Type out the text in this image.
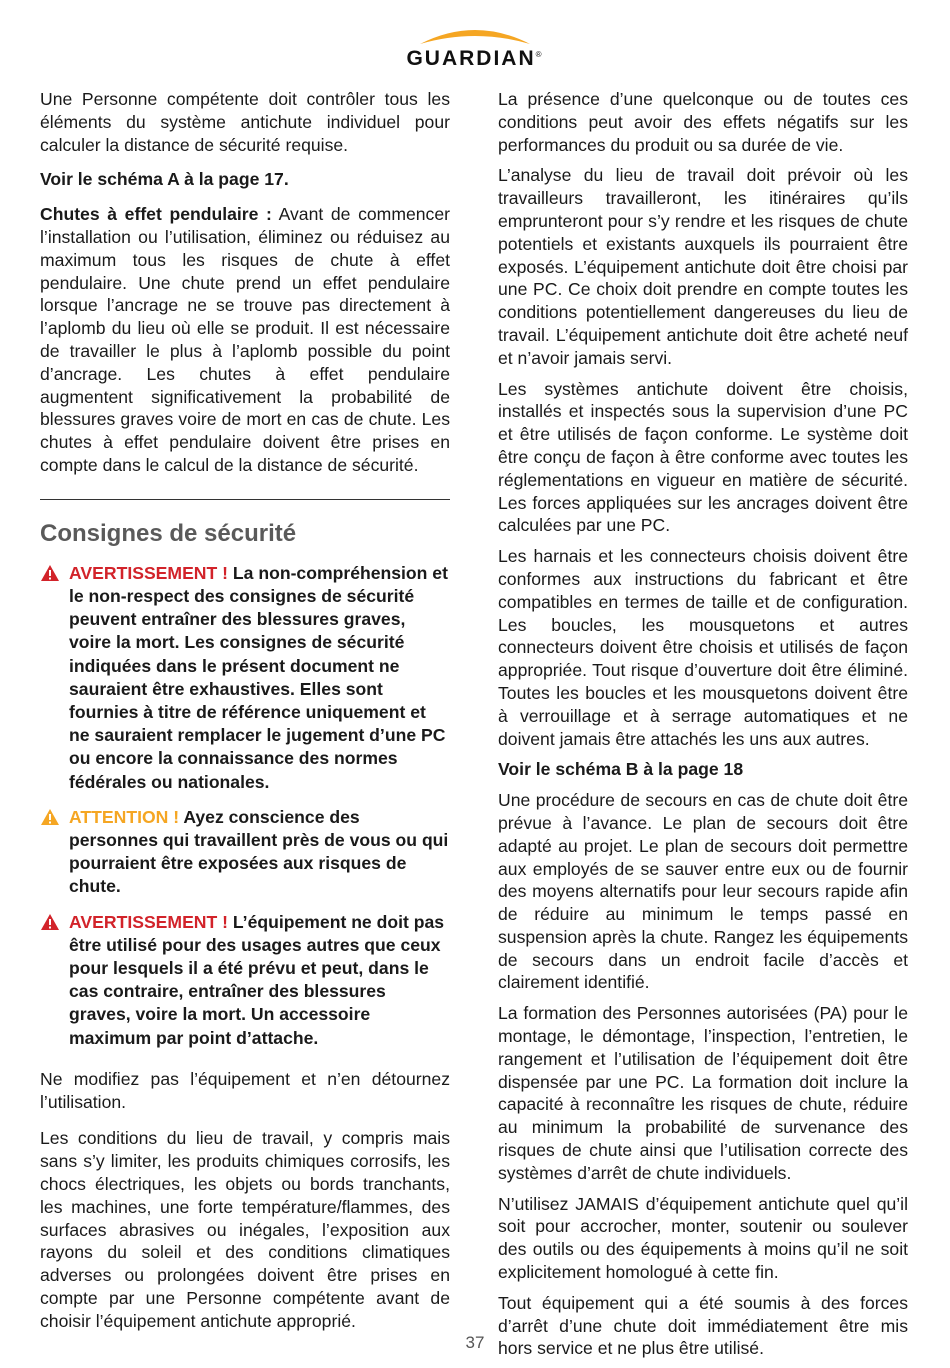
GUARDIAN®

Une Personne compétente doit contrôler tous les éléments du système antichute individuel pour calculer la distance de sécurité requise.

Voir le schéma A à la page 17.

Chutes à effet pendulaire : Avant de commencer l’installation ou l’utilisation, éliminez ou réduisez au maximum tous les risques de chute à effet pendulaire. Une chute prend un effet pendulaire lorsque l’ancrage ne se trouve pas directement à l’aplomb du lieu où elle se produit. Il est nécessaire de travailler le plus à l’aplomb possible du point d’ancrage. Les chutes à effet pendulaire augmentent significativement la probabilité de blessures graves voire de mort en cas de chute. Les chutes à effet pendulaire doivent être prises en compte dans le calcul de la distance de sécurité.

Consignes de sécurité
AVERTISSEMENT ! La non-compréhension et le non-respect des consignes de sécurité peuvent entraîner des blessures graves, voire la mort. Les consignes de sécurité indiquées dans le présent document ne sauraient être exhaustives. Elles sont fournies à titre de référence uniquement et ne sauraient remplacer le jugement d’une PC ou encore la connaissance des normes fédérales ou nationales.
ATTENTION ! Ayez conscience des personnes qui travaillent près de vous ou qui pourraient être exposées aux risques de chute.
AVERTISSEMENT ! L’équipement ne doit pas être utilisé pour des usages autres que ceux pour lesquels il a été prévu et peut, dans le cas contraire, entraîner des blessures graves, voire la mort. Un accessoire maximum par point d’attache.

Ne modifiez pas l’équipement et n’en détournez l’utilisation.

Les conditions du lieu de travail, y compris mais sans s’y limiter, les produits chimiques corrosifs, les chocs électriques, les objets ou bords tranchants, les machines, une forte température/flammes, des surfaces abrasives ou inégales, l’exposition aux rayons du soleil et des conditions climatiques adverses ou prolongées doivent être prises en compte par une Personne compétente avant de choisir l’équipement antichute approprié.

La présence d’une quelconque ou de toutes ces conditions peut avoir des effets négatifs sur les performances du produit ou sa durée de vie.

L’analyse du lieu de travail doit prévoir où les travailleurs travailleront, les itinéraires qu’ils emprunteront pour s’y rendre et les risques de chute potentiels et existants auxquels ils pourraient être exposés. L’équipement antichute doit être choisi par une PC. Ce choix doit prendre en compte toutes les conditions potentiellement dangereuses du lieu de travail. L’équipement antichute doit être acheté neuf et n’avoir jamais servi.

Les systèmes antichute doivent être choisis, installés et inspectés sous la supervision d’une PC et être utilisés de façon conforme. Le système doit être conçu de façon à être conforme avec toutes les réglementations en vigueur en matière de sécurité. Les forces appliquées sur les ancrages doivent être calculées par une PC.

Les harnais et les connecteurs choisis doivent être conformes aux instructions du fabricant et être compatibles en termes de taille et de configuration. Les boucles, les mousquetons et autres connecteurs doivent être choisis et utilisés de façon appropriée. Tout risque d’ouverture doit être éliminé. Toutes les boucles et les mousquetons doivent être à verrouillage et à serrage automatiques et ne doivent jamais être attachés les uns aux autres.

Voir le schéma B à la page 18

Une procédure de secours en cas de chute doit être prévue à l’avance. Le plan de secours doit être adapté au projet. Le plan de secours doit permettre aux employés de se sauver entre eux ou de fournir des moyens alternatifs pour leur secours rapide afin de réduire au minimum le temps passé en suspension après la chute. Rangez les équipements de secours dans un endroit facile d’accès et clairement identifié.

La formation des Personnes autorisées (PA) pour le montage, le démontage, l’inspection, l’entretien, le rangement et l’utilisation de l’équipement doit être dispensée par une PC. La formation doit inclure la capacité à reconnaître les risques de chute, réduire au minimum la probabilité de survenance des risques de chute ainsi que l’utilisation correcte des systèmes d’arrêt de chute individuels.

N’utilisez JAMAIS d’équipement antichute quel qu’il soit pour accrocher, monter, soutenir ou soulever des outils ou des équipements à moins qu’il ne soit explicitement homologué à cette fin.

Tout équipement qui a été soumis à des forces d’arrêt d’une chute doit immédiatement être mis hors service et ne plus être utilisé.

37
